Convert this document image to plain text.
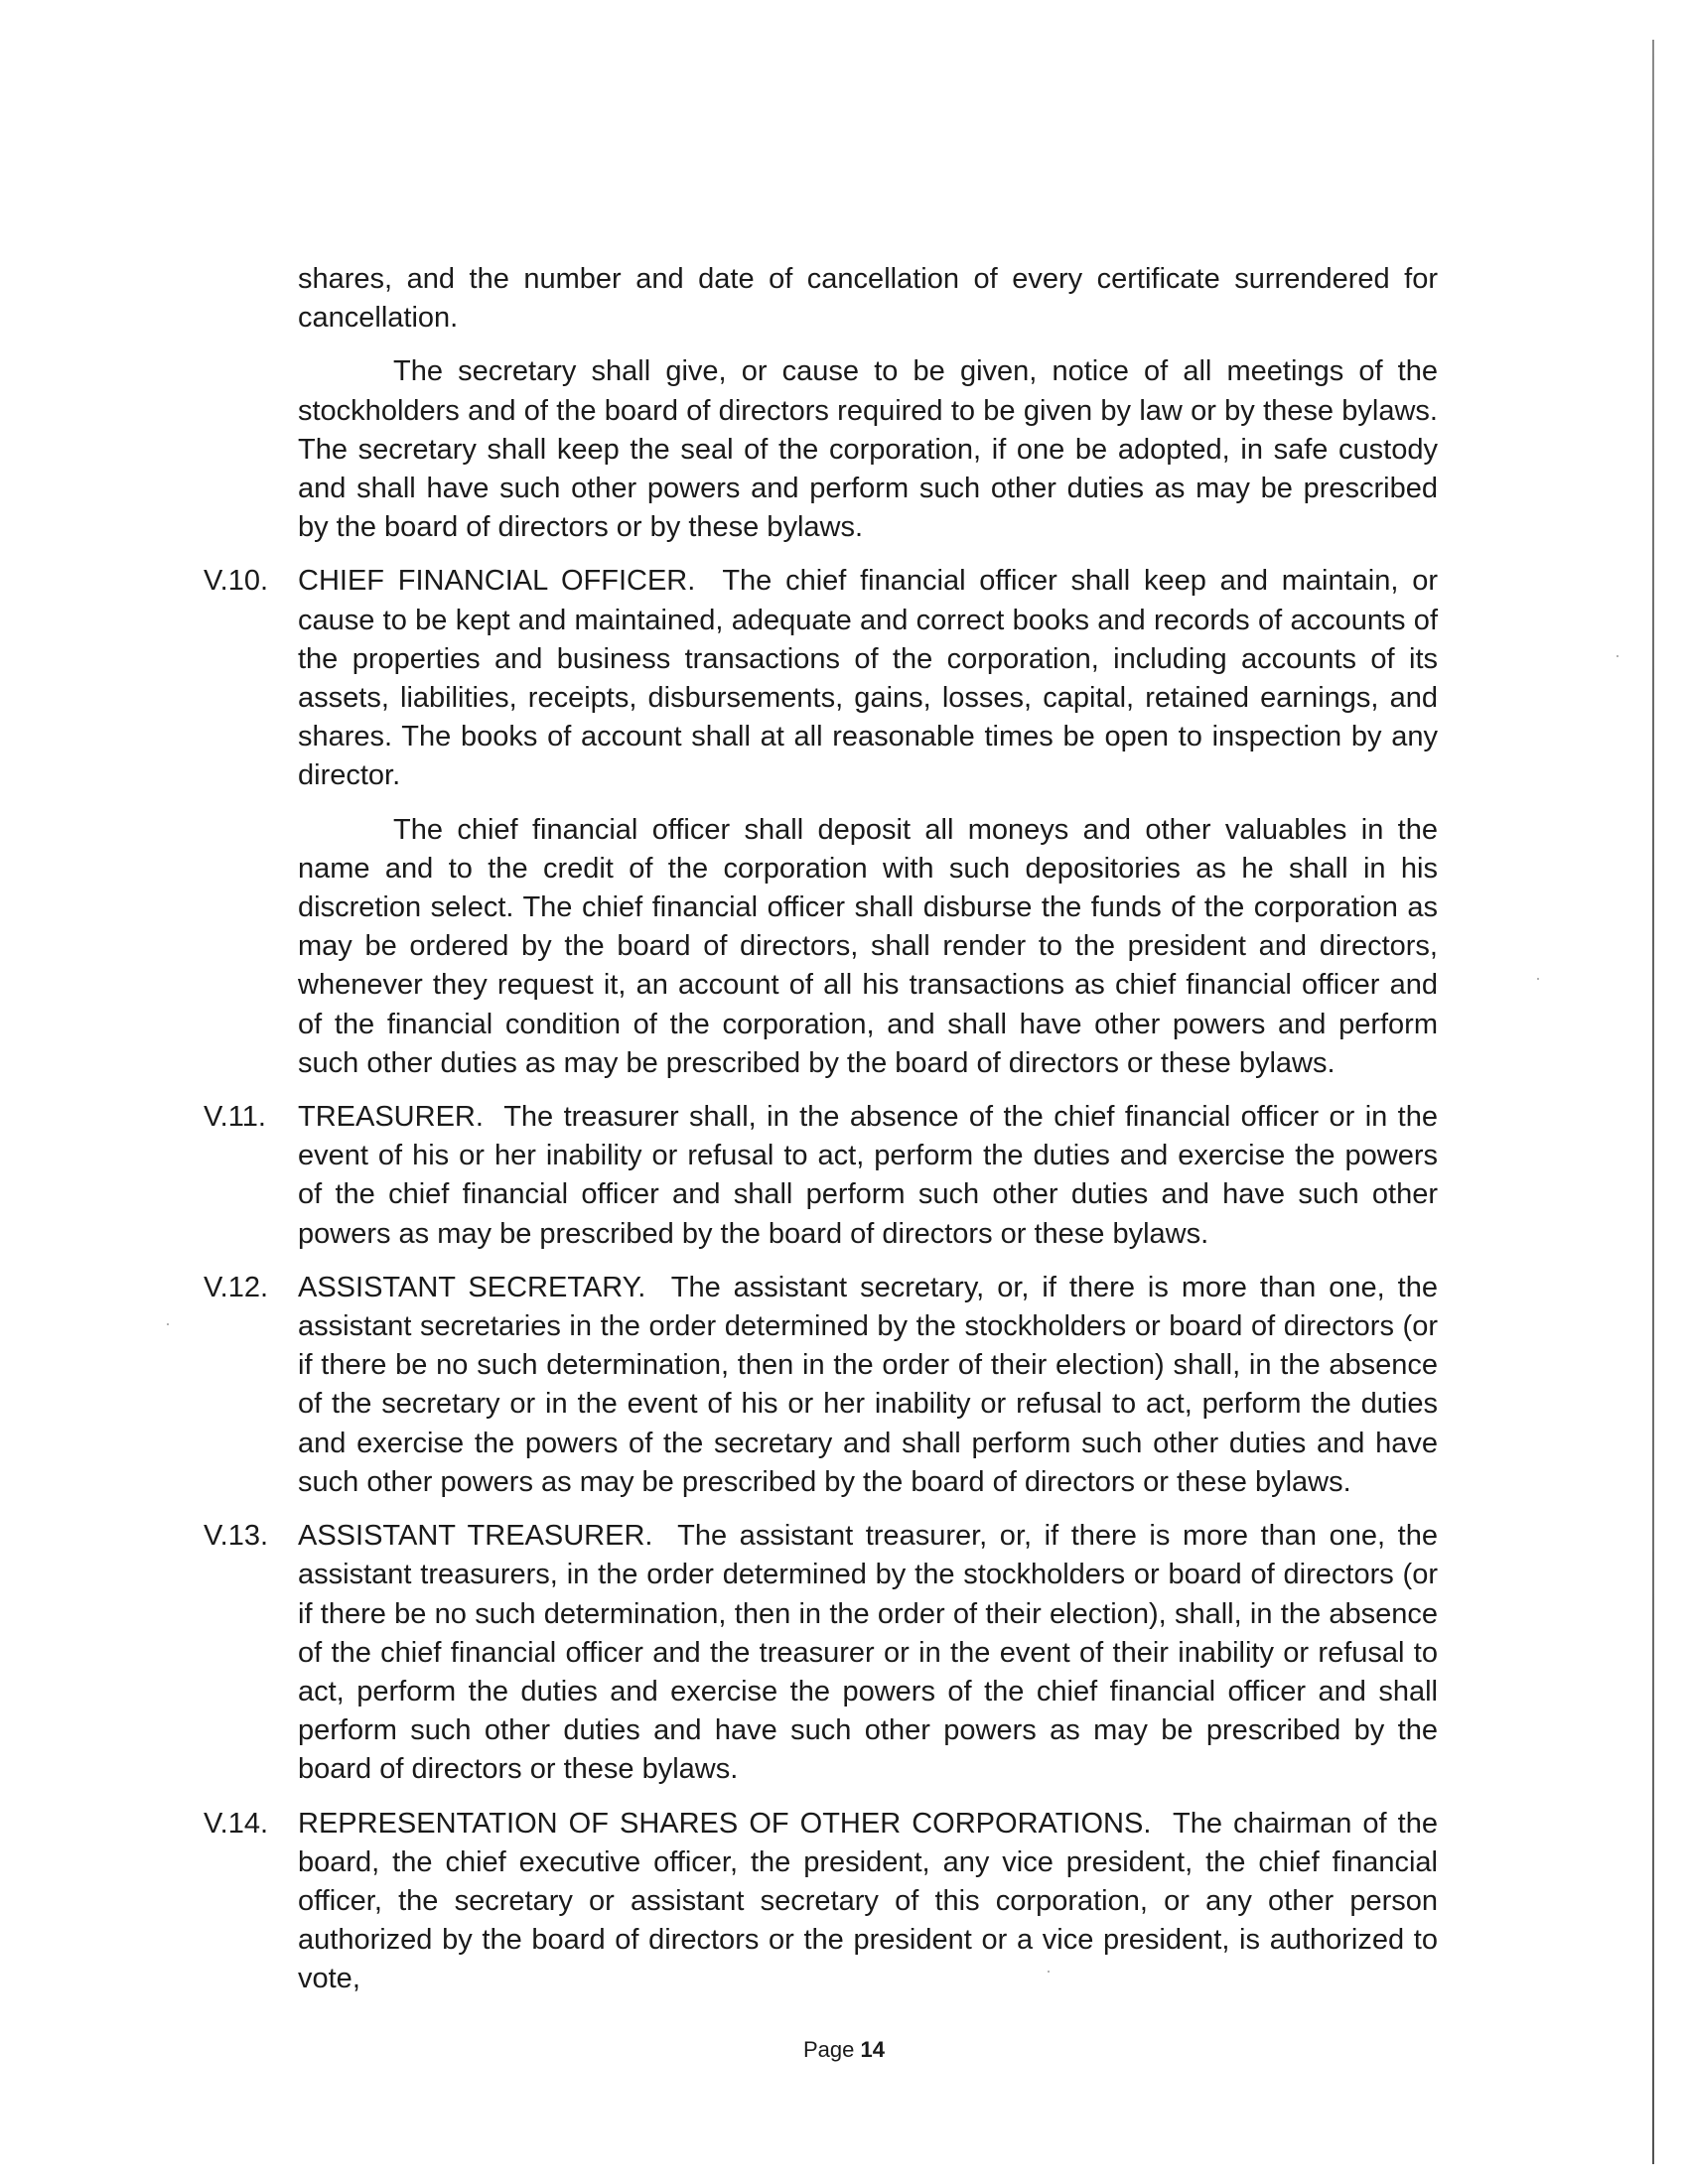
shares, and the number and date of cancellation of every certificate surrendered for cancellation.

The secretary shall give, or cause to be given, notice of all meetings of the stockholders and of the board of directors required to be given by law or by these bylaws. The secretary shall keep the seal of the corporation, if one be adopted, in safe custody and shall have such other powers and perform such other duties as may be prescribed by the board of directors or by these bylaws.

V.10. CHIEF FINANCIAL OFFICER. The chief financial officer shall keep and maintain, or cause to be kept and maintained, adequate and correct books and records of accounts of the properties and business transactions of the corporation, including accounts of its assets, liabilities, receipts, disbursements, gains, losses, capital, retained earnings, and shares. The books of account shall at all reasonable times be open to inspection by any director.

The chief financial officer shall deposit all moneys and other valuables in the name and to the credit of the corporation with such depositories as he shall in his discretion select. The chief financial officer shall disburse the funds of the corporation as may be ordered by the board of directors, shall render to the president and directors, whenever they request it, an account of all his transactions as chief financial officer and of the financial condition of the corporation, and shall have other powers and perform such other duties as may be prescribed by the board of directors or these bylaws.

V.11. TREASURER. The treasurer shall, in the absence of the chief financial officer or in the event of his or her inability or refusal to act, perform the duties and exercise the powers of the chief financial officer and shall perform such other duties and have such other powers as may be prescribed by the board of directors or these bylaws.
V.12. ASSISTANT SECRETARY. The assistant secretary, or, if there is more than one, the assistant secretaries in the order determined by the stockholders or board of directors (or if there be no such determination, then in the order of their election) shall, in the absence of the secretary or in the event of his or her inability or refusal to act, perform the duties and exercise the powers of the secretary and shall perform such other duties and have such other powers as may be prescribed by the board of directors or these bylaws.
V.13. ASSISTANT TREASURER. The assistant treasurer, or, if there is more than one, the assistant treasurers, in the order determined by the stockholders or board of directors (or if there be no such determination, then in the order of their election), shall, in the absence of the chief financial officer and the treasurer or in the event of their inability or refusal to act, perform the duties and exercise the powers of the chief financial officer and shall perform such other duties and have such other powers as may be prescribed by the board of directors or these bylaws.
V.14. REPRESENTATION OF SHARES OF OTHER CORPORATIONS. The chairman of the board, the chief executive officer, the president, any vice president, the chief financial officer, the secretary or assistant secretary of this corporation, or any other person authorized by the board of directors or the president or a vice president, is authorized to vote,
Page 14
